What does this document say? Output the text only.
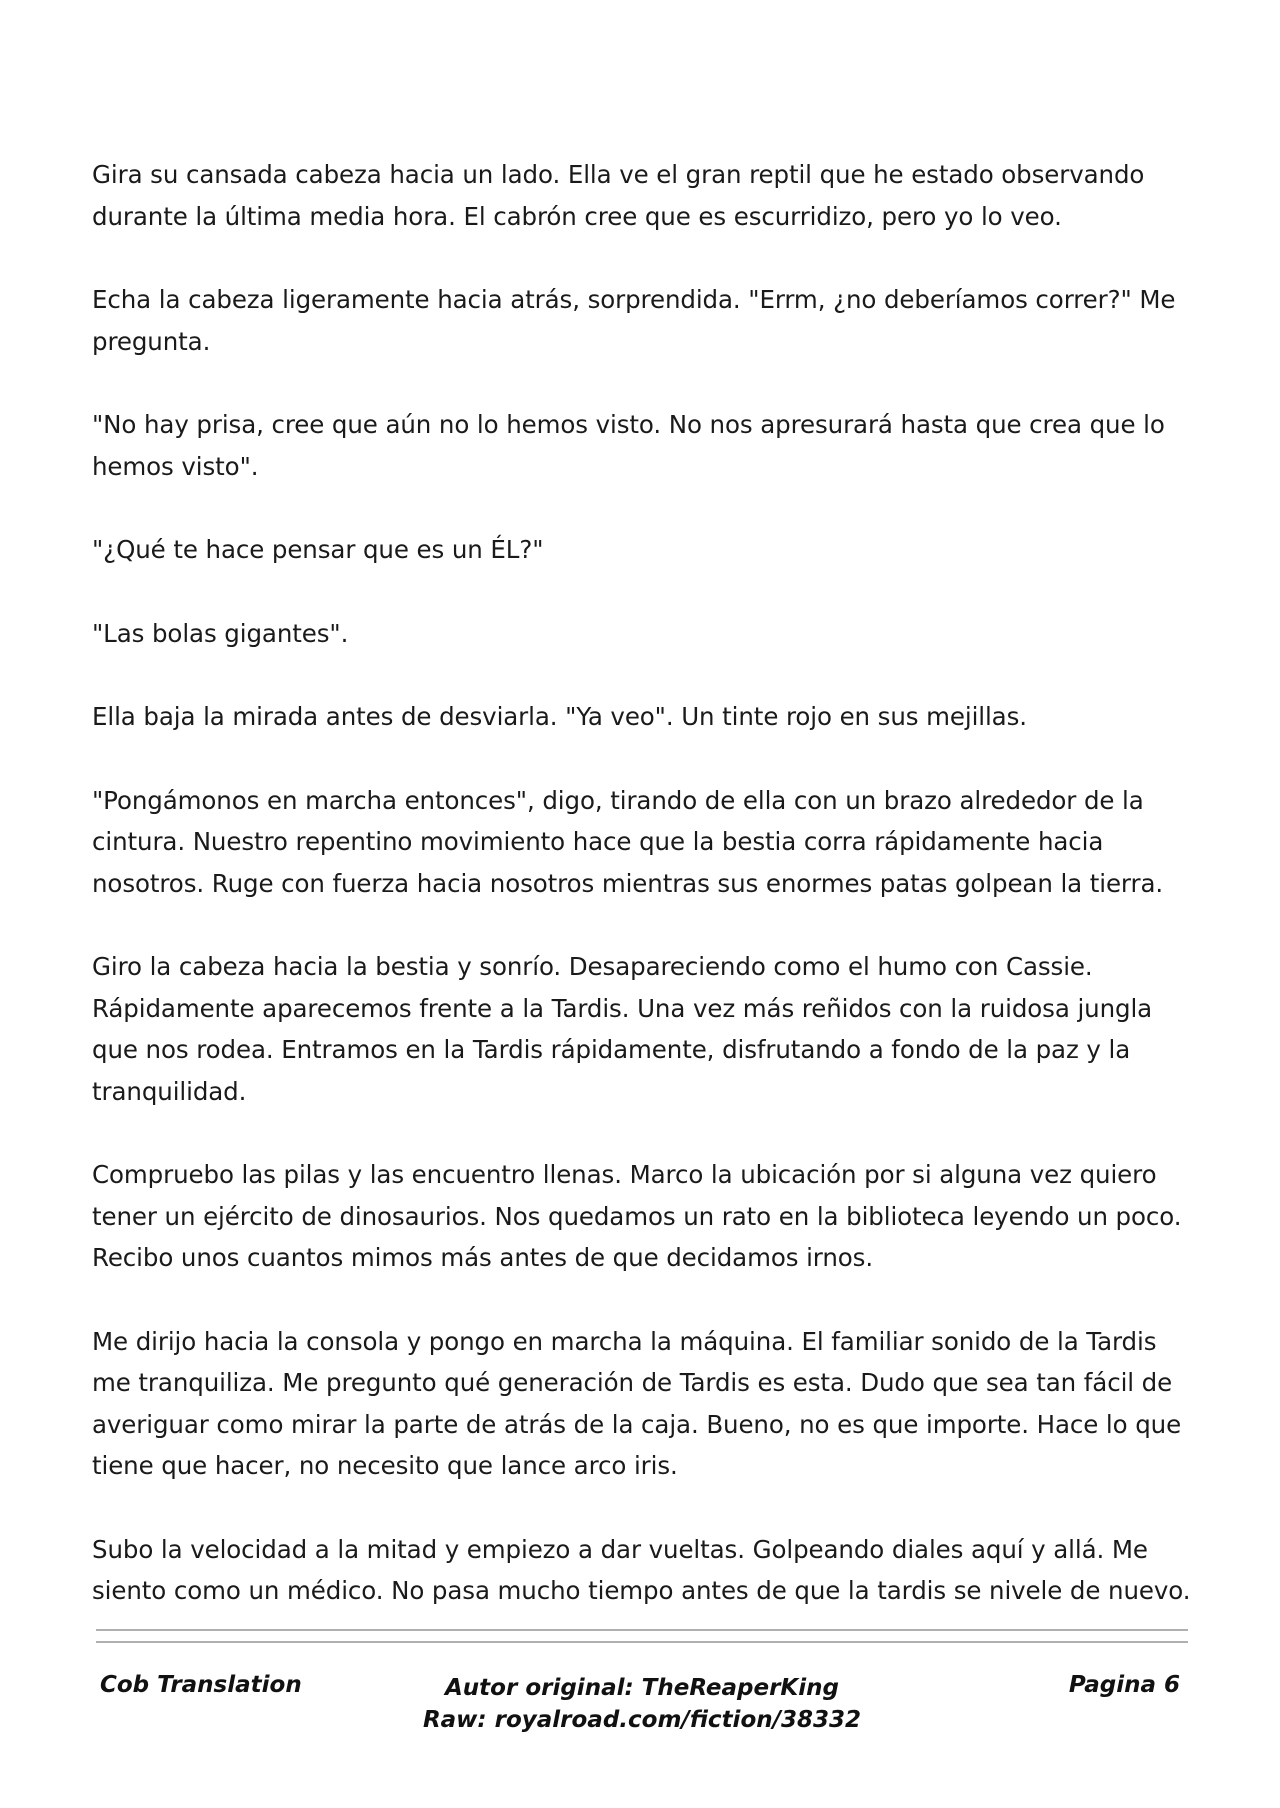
Gira su cansada cabeza hacia un lado. Ella ve el gran reptil que he estado observando durante la última media hora. El cabrón cree que es escurridizo, pero yo lo veo.

Echa la cabeza ligeramente hacia atrás, sorprendida. "Errm, ¿no deberíamos correr?" Me pregunta.

"No hay prisa, cree que aún no lo hemos visto. No nos apresurará hasta que crea que lo hemos visto".

"¿Qué te hace pensar que es un ÉL?"

"Las bolas gigantes".

Ella baja la mirada antes de desviarla. "Ya veo". Un tinte rojo en sus mejillas.

"Pongámonos en marcha entonces", digo, tirando de ella con un brazo alrededor de la cintura. Nuestro repentino movimiento hace que la bestia corra rápidamente hacia nosotros. Ruge con fuerza hacia nosotros mientras sus enormes patas golpean la tierra.

Giro la cabeza hacia la bestia y sonrío. Desapareciendo como el humo con Cassie. Rápidamente aparecemos frente a la Tardis. Una vez más reñidos con la ruidosa jungla que nos rodea. Entramos en la Tardis rápidamente, disfrutando a fondo de la paz y la tranquilidad.

Compruebo las pilas y las encuentro llenas. Marco la ubicación por si alguna vez quiero tener un ejército de dinosaurios. Nos quedamos un rato en la biblioteca leyendo un poco. Recibo unos cuantos mimos más antes de que decidamos irnos.

Me dirijo hacia la consola y pongo en marcha la máquina. El familiar sonido de la Tardis me tranquiliza. Me pregunto qué generación de Tardis es esta. Dudo que sea tan fácil de averiguar como mirar la parte de atrás de la caja. Bueno, no es que importe. Hace lo que tiene que hacer, no necesito que lance arco iris.

Subo la velocidad a la mitad y empiezo a dar vueltas. Golpeando diales aquí y allá. Me siento como un médico. No pasa mucho tiempo antes de que la tardis se nivele de nuevo.

Cob Translation	Autor original: TheReaperKing
Raw: royalroad.com/fiction/38332
Pagina 6
